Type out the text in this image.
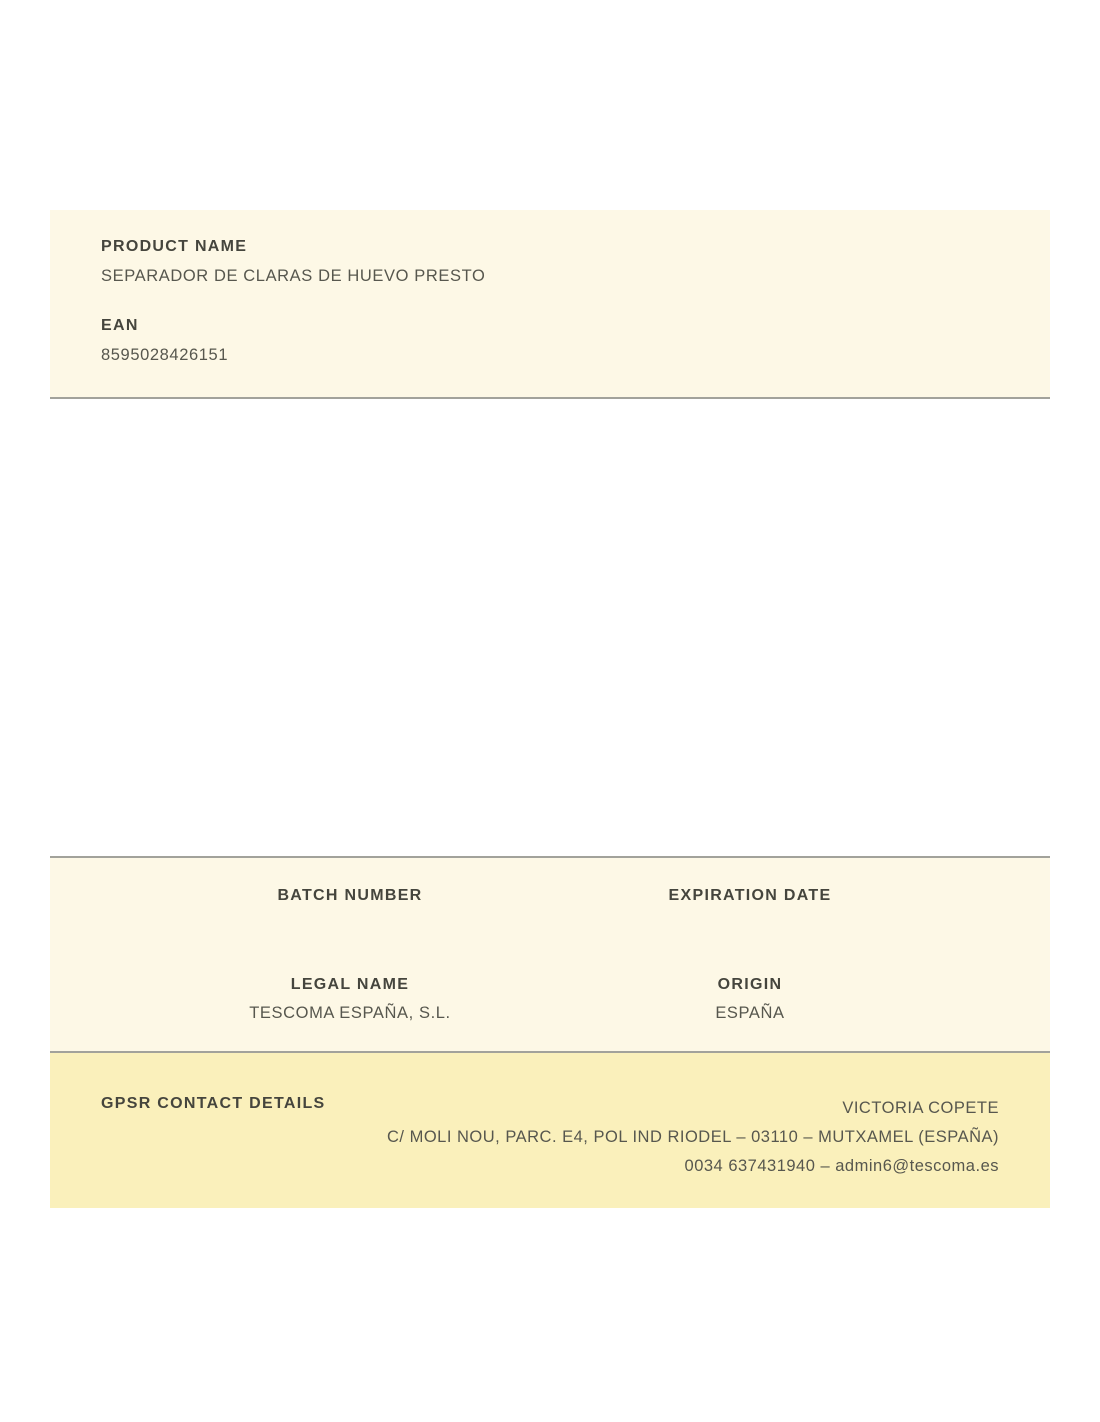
PRODUCT NAME
SEPARADOR DE CLARAS DE HUEVO PRESTO
EAN
8595028426151
BATCH NUMBER	EXPIRATION DATE
LEGAL NAME
TESCOMA ESPAÑA, S.L.
ORIGIN
ESPAÑA
GPSR CONTACT DETAILS	VICTORIA COPETE
C/ MOLI NOU, PARC. E4, POL IND RIODEL – 03110 – MUTXAMEL (ESPAÑA)
0034 637431940 – admin6@tescoma.es
